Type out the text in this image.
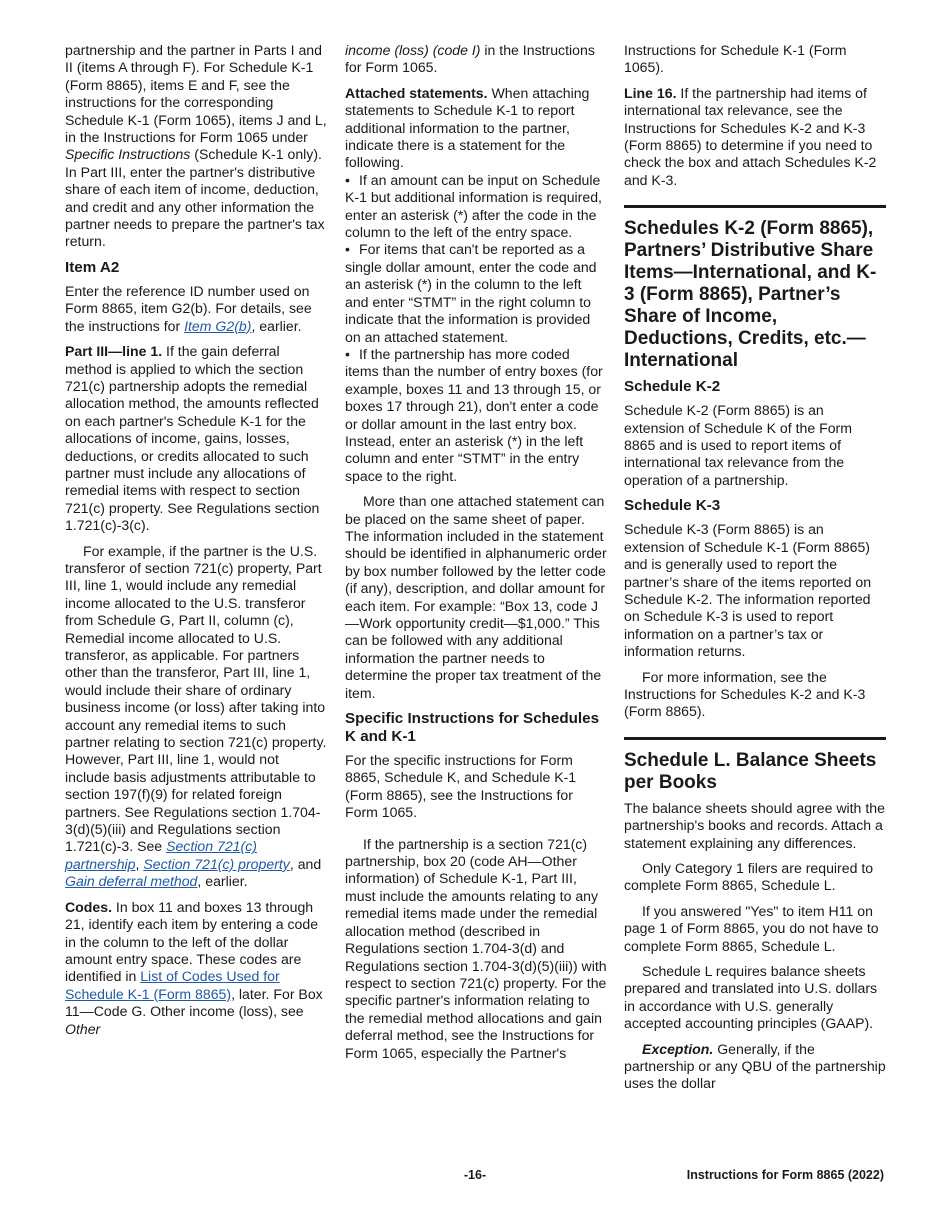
partnership and the partner in Parts I and II (items A through F). For Schedule K-1 (Form 8865), items E and F, see the instructions for the corresponding Schedule K-1 (Form 1065), items J and L, in the Instructions for Form 1065 under Specific Instructions (Schedule K-1 only). In Part III, enter the partner's distributive share of each item of income, deduction, and credit and any other information the partner needs to prepare the partner's tax return.

Item A2

Enter the reference ID number used on Form 8865, item G2(b). For details, see the instructions for Item G2(b), earlier.

Part III—line 1. If the gain deferral method is applied to which the section 721(c) partnership adopts the remedial allocation method, the amounts reflected on each partner's Schedule K-1 for the allocations of income, gains, losses, deductions, or credits allocated to such partner must include any allocations of remedial items with respect to section 721(c) property. See Regulations section 1.721(c)-3(c).

For example, if the partner is the U.S. transferor of section 721(c) property, Part III, line 1, would include any remedial income allocated to the U.S. transferor from Schedule G, Part II, column (c), Remedial income allocated to U.S. transferor, as applicable. For partners other than the transferor, Part III, line 1, would include their share of ordinary business income (or loss) after taking into account any remedial items to such partner relating to section 721(c) property. However, Part III, line 1, would not include basis adjustments attributable to section 197(f)(9) for related foreign partners. See Regulations section 1.704-3(d)(5)(iii) and Regulations section 1.721(c)-3. See Section 721(c) partnership, Section 721(c) property, and Gain deferral method, earlier.

Codes. In box 11 and boxes 13 through 21, identify each item by entering a code in the column to the left of the dollar amount entry space. These codes are identified in List of Codes Used for Schedule K-1 (Form 8865), later. For Box 11—Code G. Other income (loss), see Other

income (loss) (code I) in the Instructions for Form 1065.

Attached statements. When attaching statements to Schedule K-1 to report additional information to the partner, indicate there is a statement for the following.

• If an amount can be input on Schedule K-1 but additional information is required, enter an asterisk (*) after the code in the column to the left of the entry space.

• For items that can't be reported as a single dollar amount, enter the code and an asterisk (*) in the column to the left and enter “STMT” in the right column to indicate that the information is provided on an attached statement.

• If the partnership has more coded items than the number of entry boxes (for example, boxes 11 and 13 through 15, or boxes 17 through 21), don't enter a code or dollar amount in the last entry box. Instead, enter an asterisk (*) in the left column and enter “STMT” in the entry space to the right.

More than one attached statement can be placed on the same sheet of paper. The information included in the statement should be identified in alphanumeric order by box number followed by the letter code (if any), description, and dollar amount for each item. For example: “Box 13, code J—Work opportunity credit—$1,000.” This can be followed with any additional information the partner needs to determine the proper tax treatment of the item.

Specific Instructions for Schedules K and K-1

For the specific instructions for Form 8865, Schedule K, and Schedule K-1 (Form 8865), see the Instructions for Form 1065.

If the partnership is a section 721(c) partnership, box 20 (code AH—Other information) of Schedule K-1, Part III, must include the amounts relating to any remedial items made under the remedial allocation method (described in Regulations section 1.704-3(d) and Regulations section 1.704-3(d)(5)(iii)) with respect to section 721(c) property. For the specific partner's information relating to the remedial method allocations and gain deferral method, see the Instructions for Form 1065, especially the Partner's

Instructions for Schedule K-1 (Form 1065).

Line 16. If the partnership had items of international tax relevance, see the Instructions for Schedules K-2 and K-3 (Form 8865) to determine if you need to check the box and attach Schedules K-2 and K-3.

Schedules K-2 (Form 8865), Partners’ Distributive Share Items—International, and K-3 (Form 8865), Partner’s Share of Income, Deductions, Credits, etc.—International
Schedule K-2

Schedule K-2 (Form 8865) is an extension of Schedule K of the Form 8865 and is used to report items of international tax relevance from the operation of a partnership.

Schedule K-3

Schedule K-3 (Form 8865) is an extension of Schedule K-1 (Form 8865) and is generally used to report the partner’s share of the items reported on Schedule K-2. The information reported on Schedule K-3 is used to report information on a partner’s tax or information returns.

For more information, see the Instructions for Schedules K-2 and K-3 (Form 8865).

Schedule L. Balance Sheets per Books

The balance sheets should agree with the partnership's books and records. Attach a statement explaining any differences.

Only Category 1 filers are required to complete Form 8865, Schedule L.

If you answered "Yes" to item H11 on page 1 of Form 8865, you do not have to complete Form 8865, Schedule L.

Schedule L requires balance sheets prepared and translated into U.S. dollars in accordance with U.S. generally accepted accounting principles (GAAP).

Exception. Generally, if the partnership or any QBU of the partnership uses the dollar

-16-	Instructions for Form 8865 (2022)
